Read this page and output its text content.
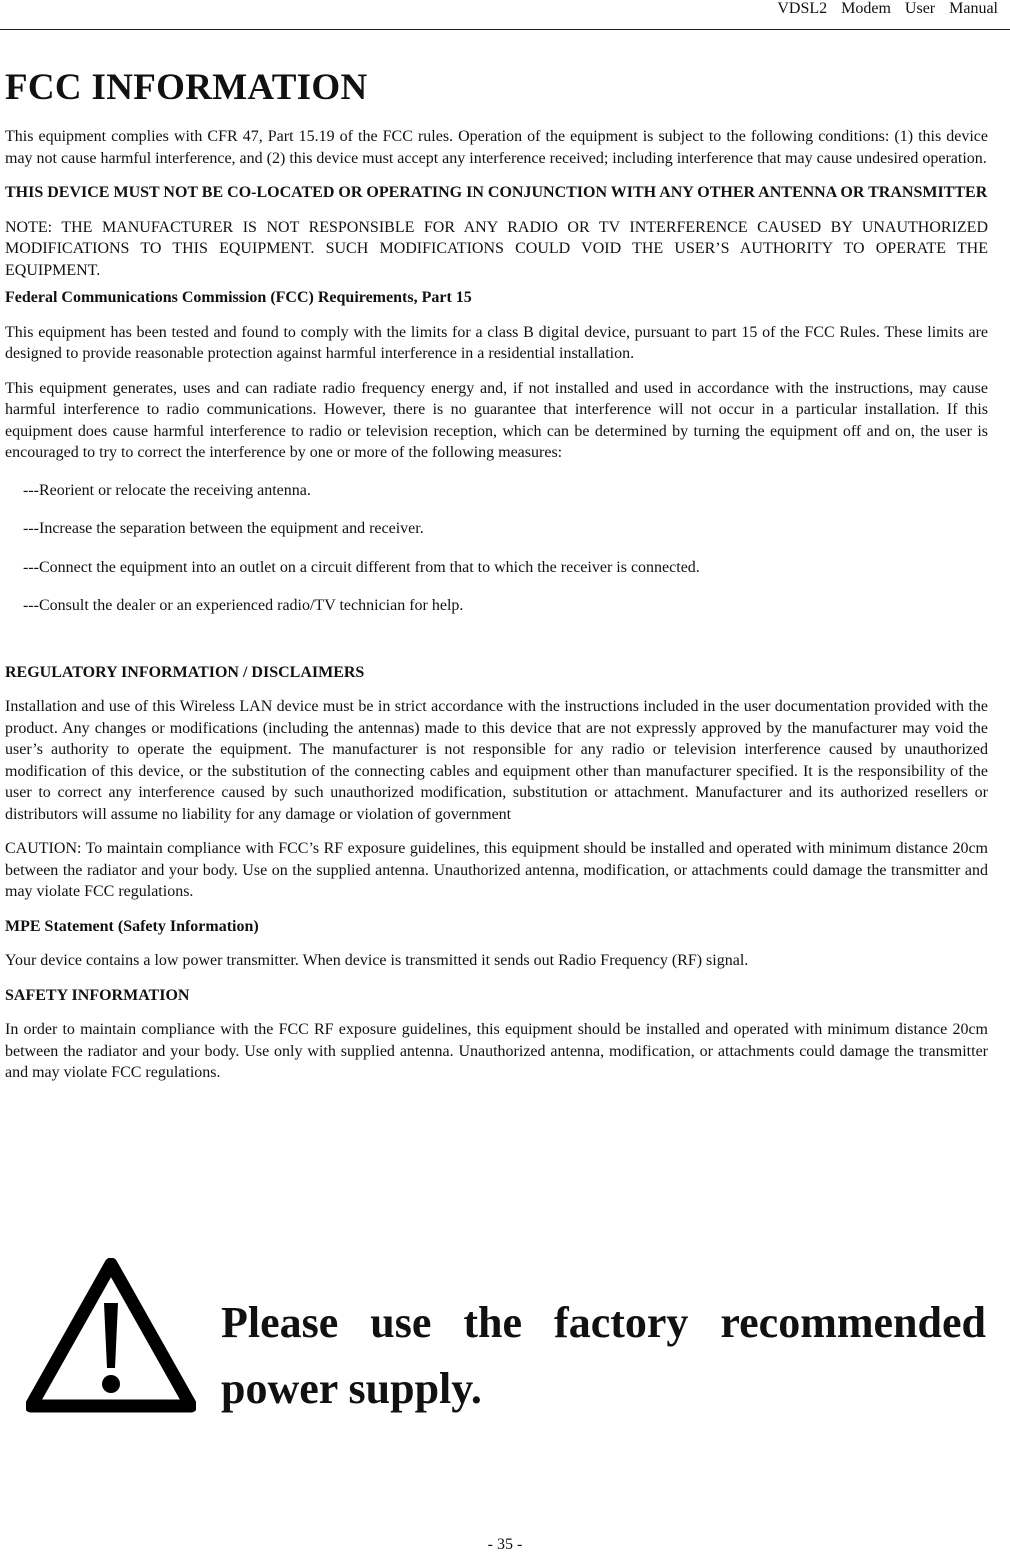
VDSL2 Modem User Manual
FCC INFORMATION

This equipment complies with CFR 47, Part 15.19 of the FCC rules. Operation of the equipment is subject to the following conditions: (1) this device may not cause harmful interference, and (2) this device must accept any interference received; including interference that may cause undesired operation.

THIS DEVICE MUST NOT BE CO-LOCATED OR OPERATING IN CONJUNCTION WITH ANY OTHER ANTENNA OR TRANSMITTER

NOTE: THE MANUFACTURER IS NOT RESPONSIBLE FOR ANY RADIO OR TV INTERFERENCE CAUSED BY UNAUTHORIZED MODIFICATIONS TO THIS EQUIPMENT. SUCH MODIFICATIONS COULD VOID THE USER’S AUTHORITY TO OPERATE THE EQUIPMENT.

Federal Communications Commission (FCC) Requirements, Part 15

This equipment has been tested and found to comply with the limits for a class B digital device, pursuant to part 15 of the FCC Rules. These limits are designed to provide reasonable protection against harmful interference in a residential installation.

This equipment generates, uses and can radiate radio frequency energy and, if not installed and used in accordance with the instructions, may cause harmful interference to radio communications. However, there is no guarantee that interference will not occur in a particular installation. If this equipment does cause harmful interference to radio or television reception, which can be determined by turning the equipment off and on, the user is encouraged to try to correct the interference by one or more of the following measures:

---Reorient or relocate the receiving antenna.

---Increase the separation between the equipment and receiver.

---Connect the equipment into an outlet on a circuit different from that to which the receiver is connected.

---Consult the dealer or an experienced radio/TV technician for help.

REGULATORY INFORMATION / DISCLAIMERS

Installation and use of this Wireless LAN device must be in strict accordance with the instructions included in the user documentation provided with the product. Any changes or modifications (including the antennas) made to this device that are not expressly approved by the manufacturer may void the user’s authority to operate the equipment. The manufacturer is not responsible for any radio or television interference caused by unauthorized modification of this device, or the substitution of the connecting cables and equipment other than manufacturer specified. It is the responsibility of the user to correct any interference caused by such unauthorized modification, substitution or attachment. Manufacturer and its authorized resellers or distributors will assume no liability for any damage or violation of government

CAUTION: To maintain compliance with FCC’s RF exposure guidelines, this equipment should be installed and operated with minimum distance 20cm between the radiator and your body. Use on the supplied antenna. Unauthorized antenna, modification, or attachments could damage the transmitter and may violate FCC regulations.

MPE Statement (Safety Information)

Your device contains a low power transmitter. When device is transmitted it sends out Radio Frequency (RF) signal.

SAFETY INFORMATION

In order to maintain compliance with the FCC RF exposure guidelines, this equipment should be installed and operated with minimum distance 20cm between the radiator and your body. Use only with supplied antenna. Unauthorized antenna, modification, or attachments could damage the transmitter and may violate FCC regulations.

Please use the factory recommended power supply.
- 35 -
